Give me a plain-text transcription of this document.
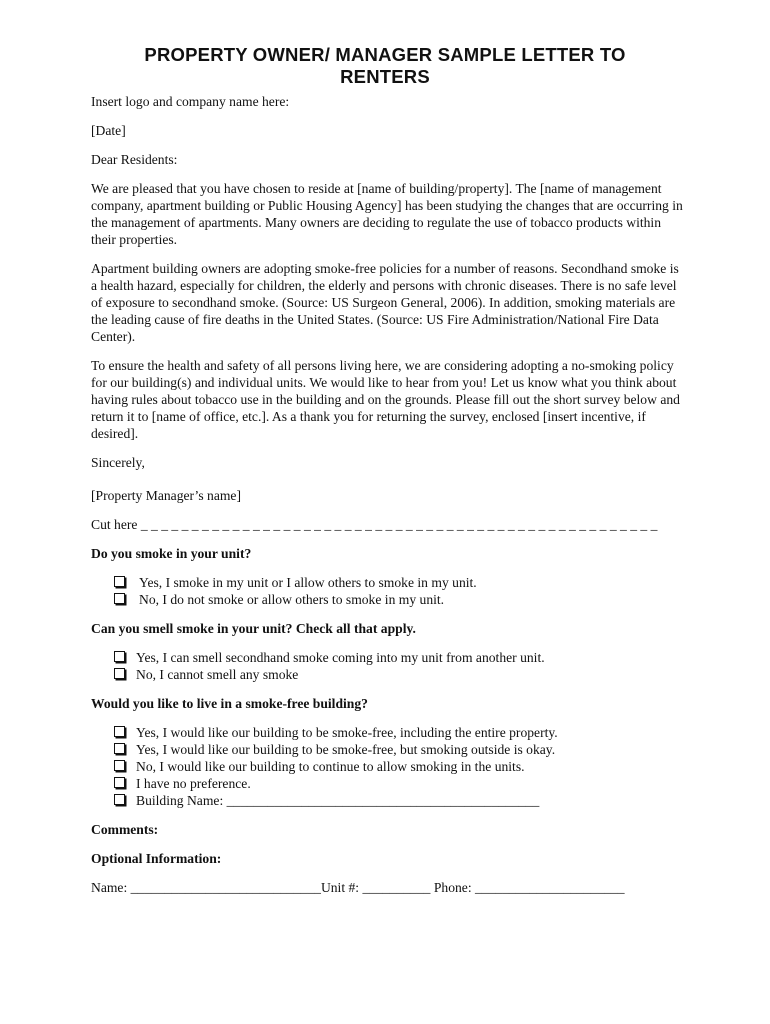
PROPERTY OWNER/ MANAGER SAMPLE LETTER TO
RENTERS

Insert logo and company name here:

[Date]

Dear Residents:

We are pleased that you have chosen to reside at [name of building/property]. The [name of management company, apartment building or Public Housing Agency] has been studying the changes that are occurring in the management of apartments. Many owners are deciding to regulate the use of tobacco products within their properties.

Apartment building owners are adopting smoke-free policies for a number of reasons. Secondhand smoke is a health hazard, especially for children, the elderly and persons with chronic diseases. There is no safe level of exposure to secondhand smoke. (Source: US Surgeon General, 2006). In addition, smoking materials are the leading cause of fire deaths in the United States. (Source: US Fire Administration/National Fire Data Center).

To ensure the health and safety of all persons living here, we are considering adopting a no-smoking policy for our building(s) and individual units. We would like to hear from you! Let us know what you think about having rules about tobacco use in the building and on the grounds. Please fill out the short survey below and return it to [name of office, etc.]. As a thank you for returning the survey, enclosed [insert incentive, if desired].

Sincerely,

[Property Manager’s name]

Cut here _ _ _ _ _ _ _ _ _ _ _ _ _ _ _ _ _ _ _ _ _ _ _ _ _ _ _ _ _ _ _ _ _ _ _ _ _ _ _ _ _ _ _ _ _ _ _ _ _ _ _

Do you smoke in your unit?

Yes, I smoke in my unit or I allow others to smoke in my unit.
No, I do not smoke or allow others to smoke in my unit.

Can you smell smoke in your unit? Check all that apply.

Yes, I can smell secondhand smoke coming into my unit from another unit.
No, I cannot smell any smoke

Would you like to live in a smoke-free building?

Yes, I would like our building to be smoke-free, including the entire property.
Yes, I would like our building to be smoke-free, but smoking outside is okay.
No, I would like our building to continue to allow smoking in the units.
I have no preference.
Building Name: ______________________________________________

Comments:

Optional Information:

Name: ____________________________Unit #: __________ Phone: ______________________
